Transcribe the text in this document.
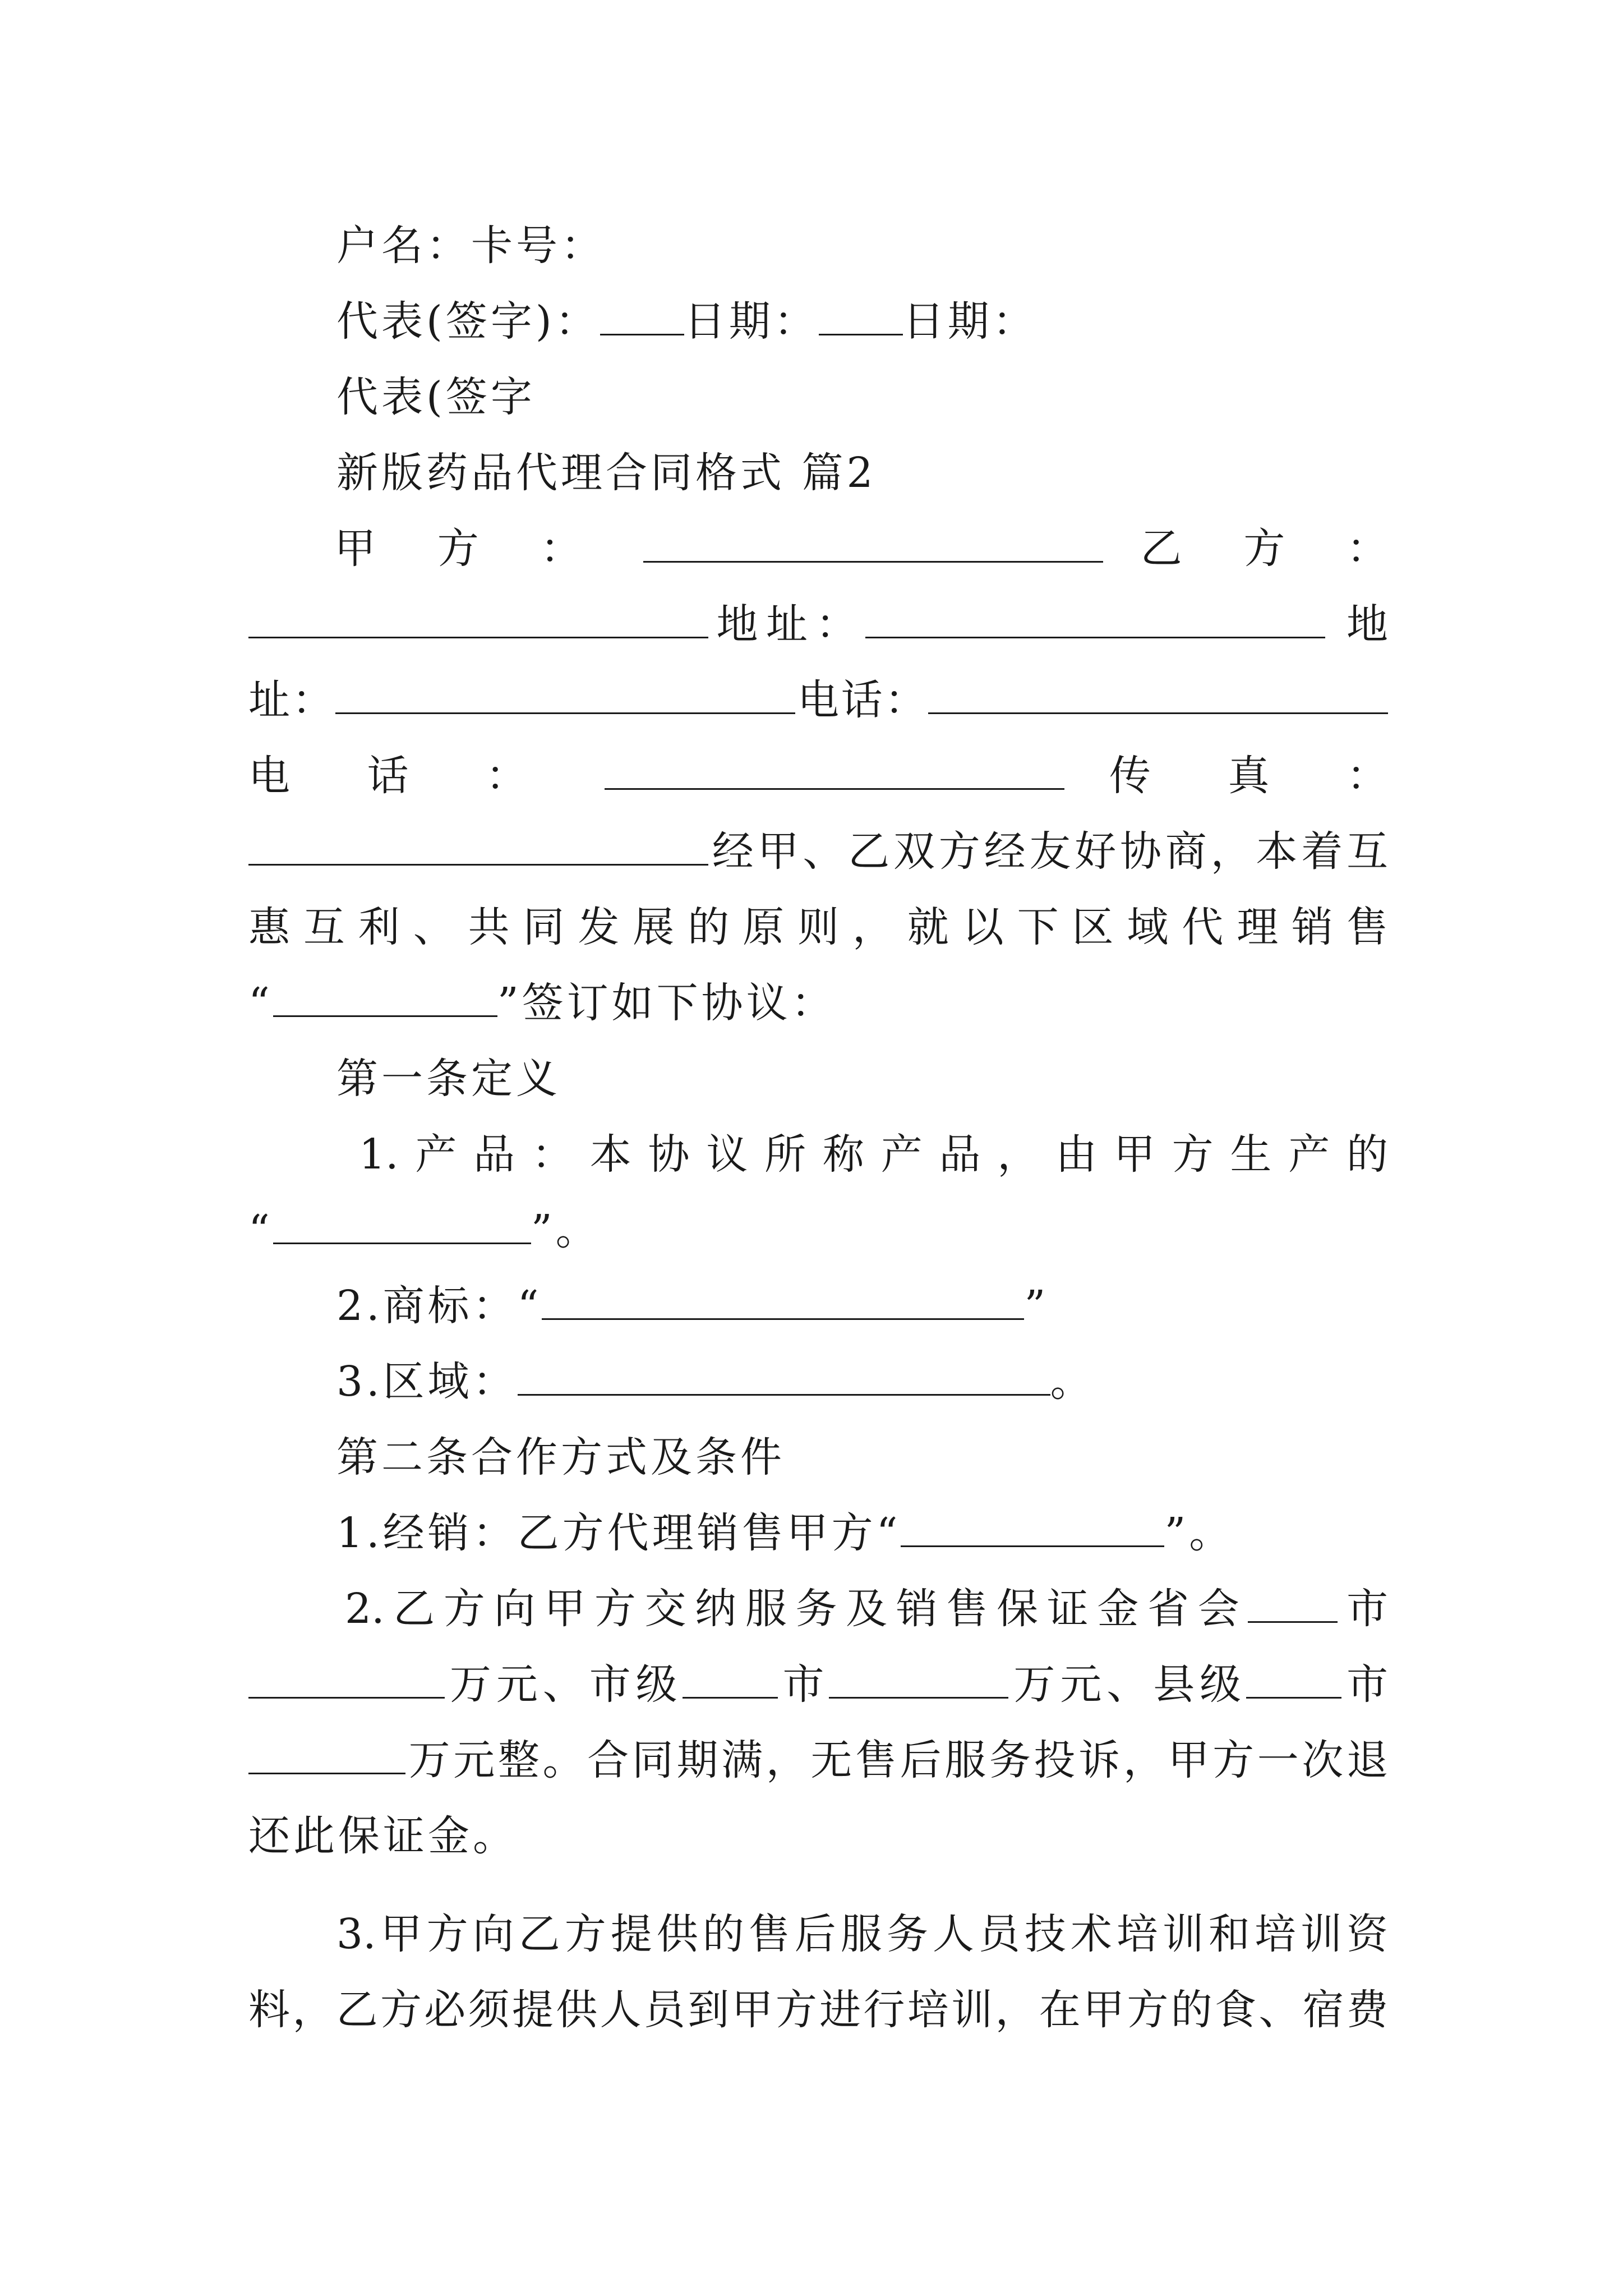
户名：卡号：
代表(签字)： 日期： 日期：
代表(签字
新版药品代理合同格式 篇2
甲 方 ：	乙 方 ：
地址：	地
址：	电话：
电 话 ：	传 真 ：
经甲、乙双方经友好协商，本着互
惠互利、共同发展的原则，就以下区域代理销售
“	”签订如下协议：
第一条定义
1.产品：本协议所称产品，由甲方生产的
“	”。
2.商标：“	”
3.区域：	。
第二条合作方式及条件
1.经销：乙方代理销售甲方“	”。
2.乙方向甲方交纳服务及销售保证金省会 市
万元、市级 市	万元、县级 市
万元整。合同期满，无售后服务投诉，甲方一次退
还此保证金。
3.甲方向乙方提供的售后服务人员技术培训和培训资
料，乙方必须提供人员到甲方进行培训，在甲方的食、宿费
